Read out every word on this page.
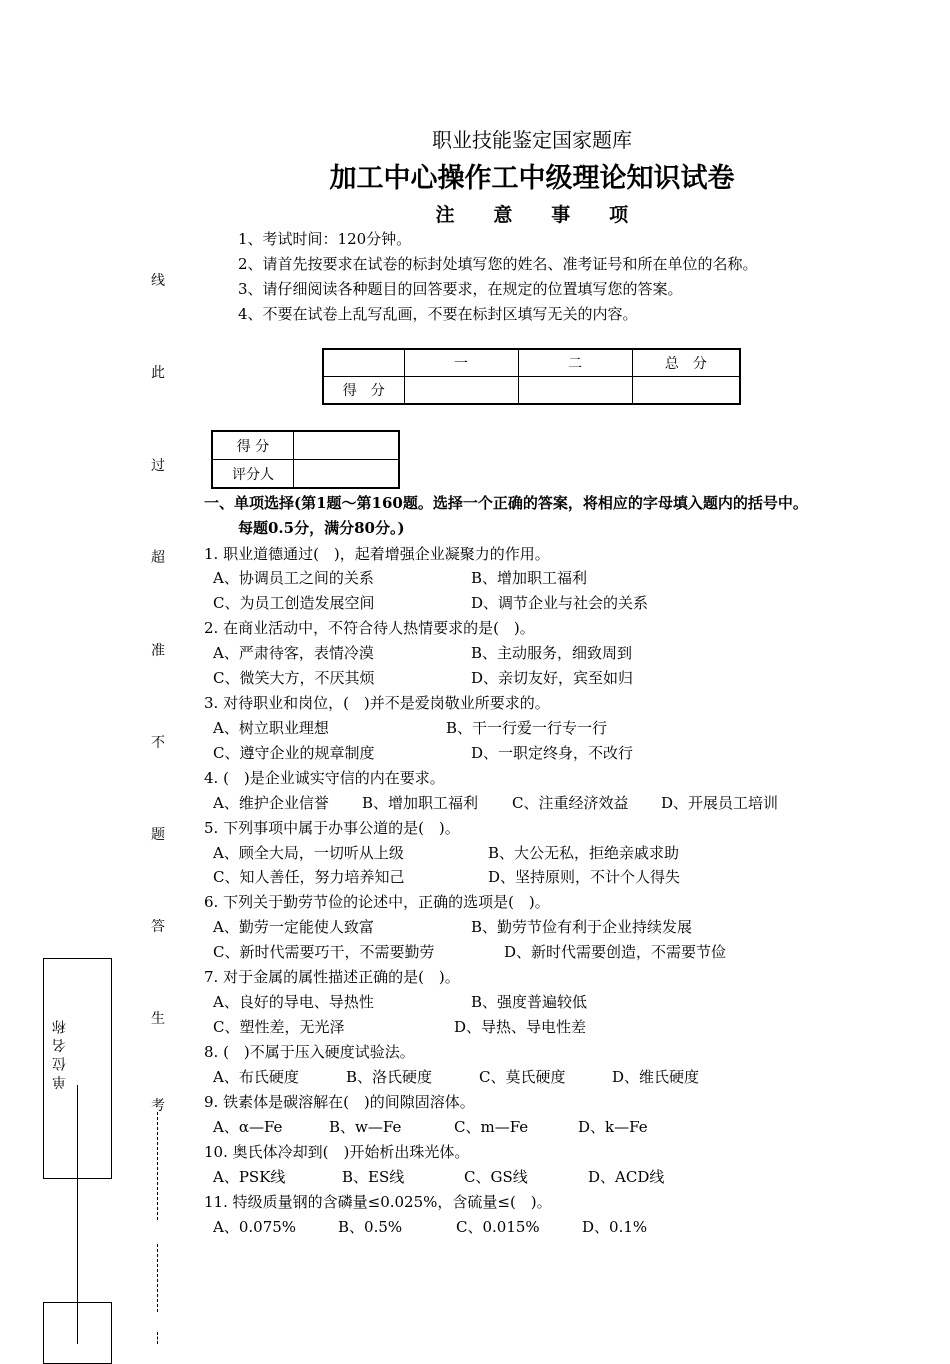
职业技能鉴定国家题库
加工中心操作工中级理论知识试卷
注　　意　　事　　项
1、考试时间：120分钟。
2、请首先按要求在试卷的标封处填写您的姓名、准考证号和所在单位的名称。
3、请仔细阅读各种题目的回答要求，在规定的位置填写您的答案。
4、不要在试卷上乱写乱画，不要在标封区填写无关的内容。
	一	二	总　分
得　分			
得 分	
评分人	
线
此
过
超
准
不
题
答
生
考
单 位 名 称
一、单项选择(第1题～第160题。选择一个正确的答案，将相应的字母填入题内的括号中。
每题0.5分，满分80分。)
1. 职业道德通过(　)，起着增强企业凝聚力的作用。
A、协调员工之间的关系	B、增加职工福利
C、为员工创造发展空间	D、调节企业与社会的关系
2. 在商业活动中，不符合待人热情要求的是(　)。
A、严肃待客，表情冷漠	B、主动服务，细致周到
C、微笑大方，不厌其烦	D、亲切友好，宾至如归
3. 对待职业和岗位，(　)并不是爱岗敬业所要求的。
A、树立职业理想	B、干一行爱一行专一行
C、遵守企业的规章制度	D、一职定终身，不改行
4. (　)是企业诚实守信的内在要求。
A、维护企业信誉 B、增加职工福利 C、注重经济效益 D、开展员工培训
5. 下列事项中属于办事公道的是(　)。
A、顾全大局，一切听从上级	B、大公无私，拒绝亲戚求助
C、知人善任，努力培养知己	D、坚持原则，不计个人得失
6. 下列关于勤劳节俭的论述中，正确的选项是(　)。
A、勤劳一定能使人致富	B、勤劳节俭有利于企业持续发展
C、新时代需要巧干，不需要勤劳	D、新时代需要创造，不需要节俭
7. 对于金属的属性描述正确的是(　)。
A、良好的导电、导热性	B、强度普遍较低
C、塑性差，无光泽	D、导热、导电性差
8. (　)不属于压入硬度试验法。
A、布氏硬度	B、洛氏硬度	C、莫氏硬度	D、维氏硬度
9. 铁素体是碳溶解在(　)的间隙固溶体。
A、α—Fe	B、w—Fe	C、m—Fe	D、k—Fe
10. 奥氏体冷却到(　)开始析出珠光体。
A、PSK线	B、ES线	C、GS线	D、ACD线
11. 特级质量钢的含磷量≤0.025%，含硫量≤(　)。
A、0.075%	B、0.5%	C、0.015%	D、0.1%
